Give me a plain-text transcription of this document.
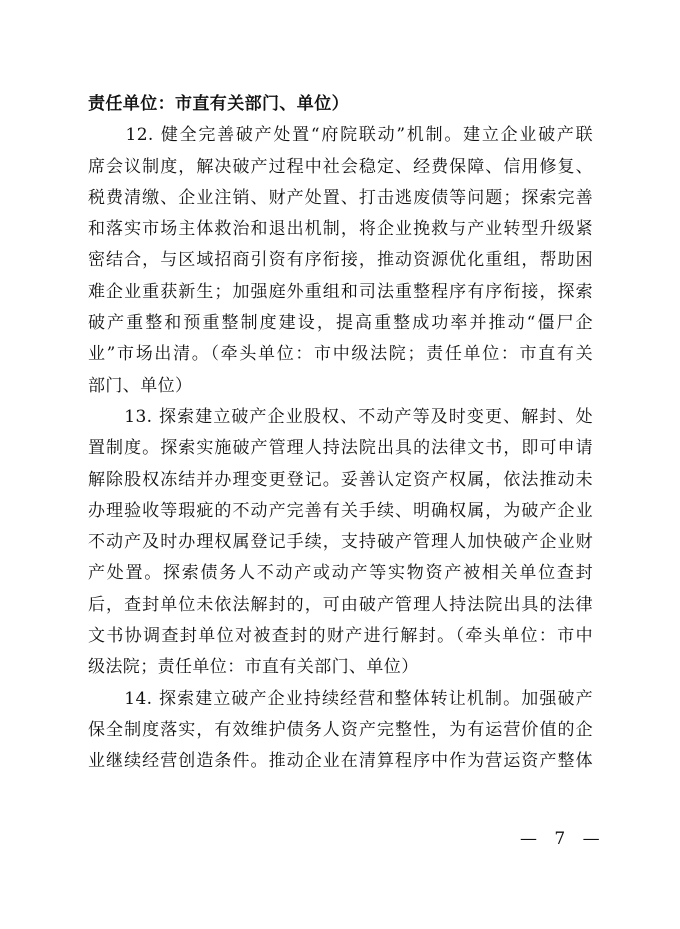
责任单位：市直有关部门、单位）
　　12. 健全完善破产处置“府院联动”机制。建立企业破产联
席会议制度，解决破产过程中社会稳定、经费保障、信用修复、
税费清缴、企业注销、财产处置、打击逃废债等问题；探索完善
和落实市场主体救治和退出机制，将企业挽救与产业转型升级紧
密结合，与区域招商引资有序衔接，推动资源优化重组，帮助困
难企业重获新生；加强庭外重组和司法重整程序有序衔接，探索
破产重整和预重整制度建设，提高重整成功率并推动“僵尸企
业”市场出清。（牵头单位：市中级法院；责任单位：市直有关
部门、单位）
　　13. 探索建立破产企业股权、不动产等及时变更、解封、处
置制度。探索实施破产管理人持法院出具的法律文书，即可申请
解除股权冻结并办理变更登记。妥善认定资产权属，依法推动未
办理验收等瑕疵的不动产完善有关手续、明确权属，为破产企业
不动产及时办理权属登记手续，支持破产管理人加快破产企业财
产处置。探索债务人不动产或动产等实物资产被相关单位查封
后，查封单位未依法解封的，可由破产管理人持法院出具的法律
文书协调查封单位对被查封的财产进行解封。（牵头单位：市中
级法院；责任单位：市直有关部门、单位）
　　14. 探索建立破产企业持续经营和整体转让机制。加强破产
保全制度落实，有效维护债务人资产完整性，为有运营价值的企
业继续经营创造条件。推动企业在清算程序中作为营运资产整体
— 7 —
